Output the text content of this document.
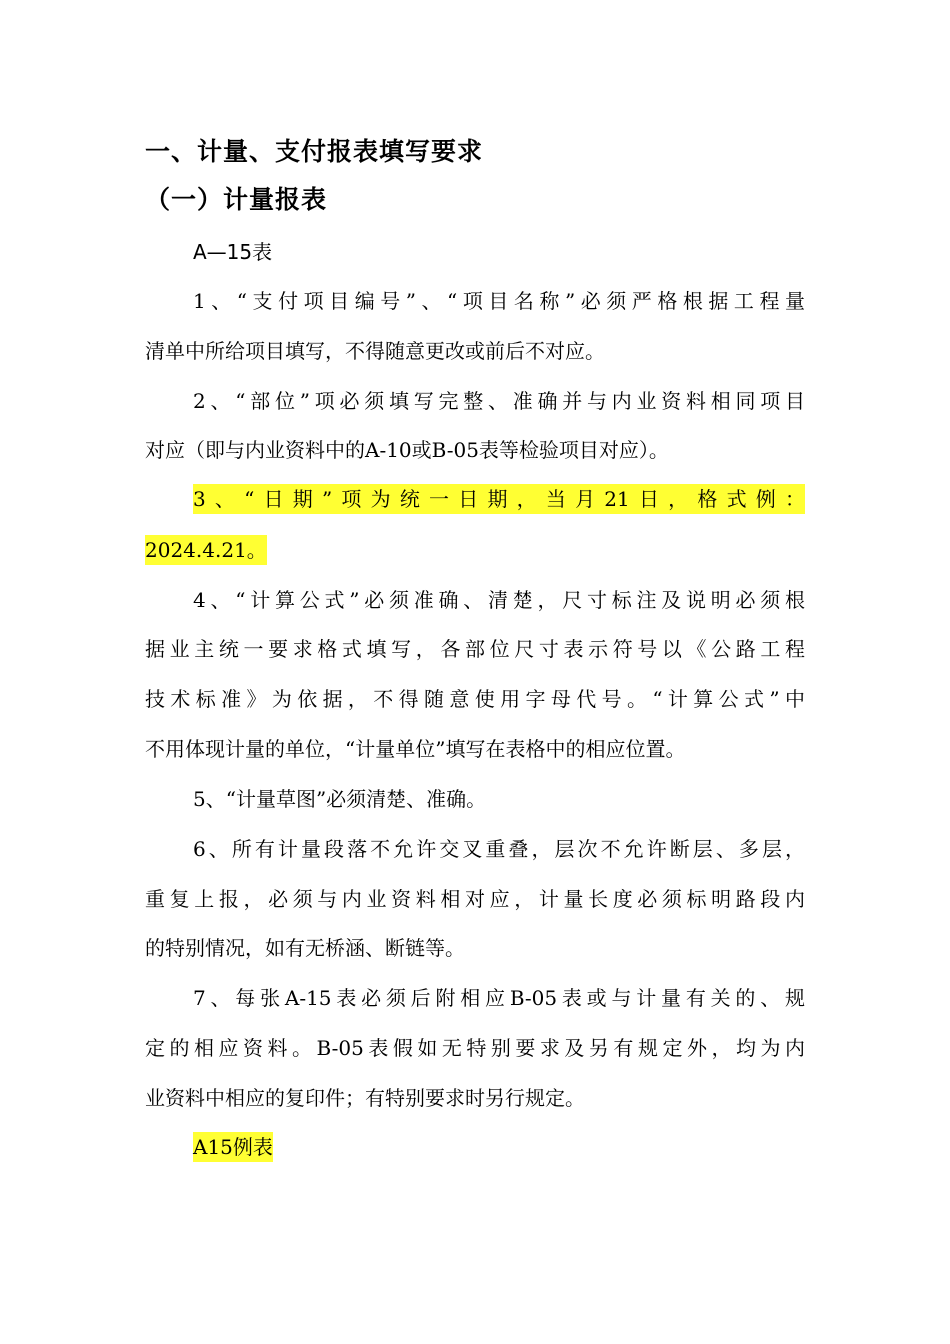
一、计量、支付报表填写要求
（一）计量报表
A—15表
1、“支付项目编号”、“项目名称”必须严格根据工程量
清单中所给项目填写，不得随意更改或前后不对应。
2、“部位”项必须填写完整、准确并与内业资料相同项目
对应（即与内业资料中的A-10或B-05表等检验项目对应）。
3、“日期”项为统一日期，当月21日，格式例：
2024.4.21。
4、“计算公式”必须准确、清楚，尺寸标注及说明必须根
据业主统一要求格式填写，各部位尺寸表示符号以《公路工程
技术标准》为依据，不得随意使用字母代号。“计算公式”中
不用体现计量的单位，“计量单位”填写在表格中的相应位置。
5、“计量草图”必须清楚、准确。
6、所有计量段落不允许交叉重叠，层次不允许断层、多层，
重复上报，必须与内业资料相对应，计量长度必须标明路段内
的特别情况，如有无桥涵、断链等。
7、每张A-15表必须后附相应B-05表或与计量有关的、规
定的相应资料。B-05表假如无特别要求及另有规定外，均为内
业资料中相应的复印件；有特别要求时另行规定。
A15例表
